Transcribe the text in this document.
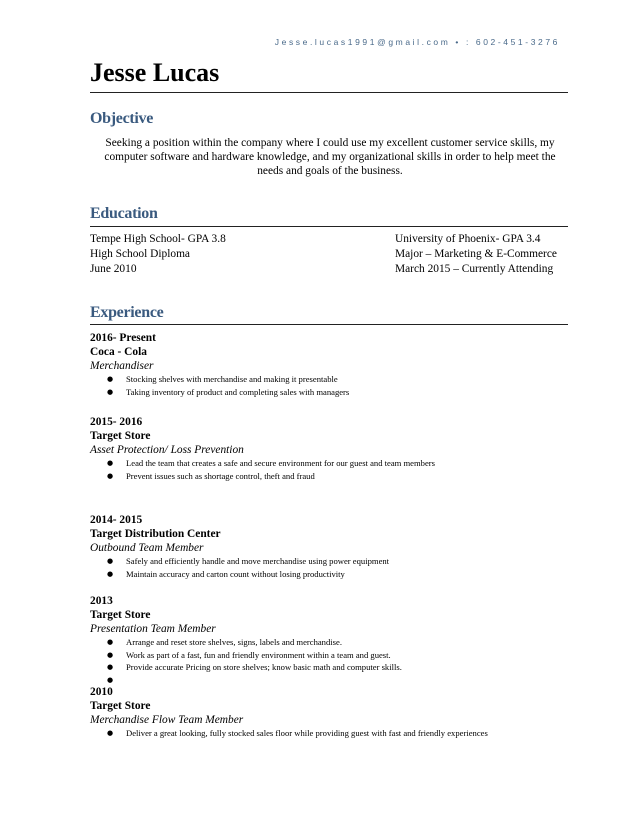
Jesse.lucas1991@gmail.com • : 602-451-3276
Jesse Lucas
Objective
Seeking a position within the company where I could use my excellent customer service skills, my computer software and hardware knowledge, and my organizational skills in order to help meet the needs and goals of the business.
Education
Tempe High School- GPA 3.8
High School Diploma
June 2010
University of Phoenix- GPA 3.4
Major – Marketing & E-Commerce
March 2015 – Currently Attending
Experience
2016- Present
Coca - Cola
Merchandiser
● Stocking shelves with merchandise and making it presentable
● Taking inventory of product and completing sales with managers
2015- 2016
Target Store
Asset Protection/ Loss Prevention
● Lead the team that creates a safe and secure environment for our guest and team members
● Prevent issues such as shortage control, theft and fraud
2014- 2015
Target Distribution Center
Outbound Team Member
● Safely and efficiently handle and move merchandise using power equipment
● Maintain accuracy and carton count without losing productivity
2013
Target Store
Presentation Team Member
● Arrange and reset store shelves, signs, labels and merchandise.
● Work as part of a fast, fun and friendly environment within a team and guest.
● Provide accurate Pricing on store shelves; know basic math and computer skills.
●
2010
Target Store
Merchandise Flow Team Member
● Deliver a great looking, fully stocked sales floor while providing guest with fast and friendly experiences
